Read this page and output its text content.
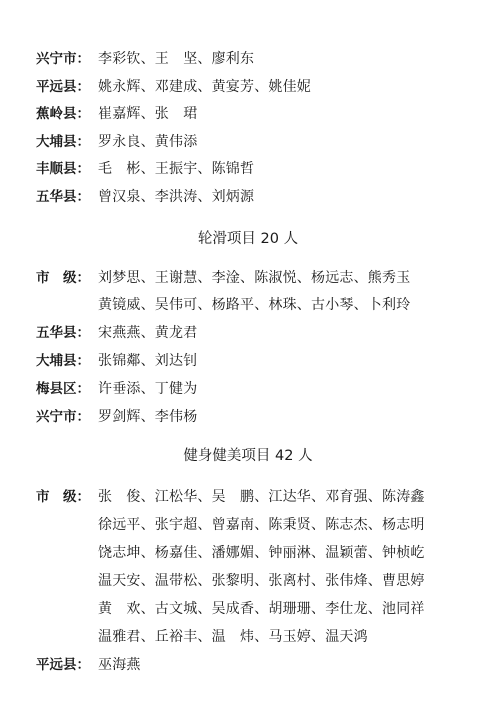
兴宁市： 李彩钦、王　坚、廖利东
平远县： 姚永辉、邓建成、黄宴芳、姚佳妮
蕉岭县： 崔嘉辉、张　珺
大埔县： 罗永良、黄伟添
丰顺县： 毛　彬、王振宇、陈锦哲
五华县： 曾汉泉、李洪涛、刘炳源
轮滑项目 20 人
市　级： 刘梦思、王谢慧、李淦、陈淑悦、杨远志、熊秀玉
黄镜威、吴伟可、杨路平、林珠、古小琴、卜利玲
五华县： 宋燕燕、黄龙君
大埔县： 张锦鄰、刘达钊
梅县区： 许垂添、丁健为
兴宁市： 罗剑辉、李伟杨
健身健美项目 42 人
市　级： 张　俊、江松华、吴　鹏、江达华、邓育强、陈涛鑫
徐远平、张宇超、曾嘉南、陈秉贤、陈志杰、杨志明
饶志坤、杨嘉佳、潘娜媚、钟丽淋、温颖蕾、钟桢屹
温天安、温带松、张黎明、张离村、张伟烽、曹思婷
黄　欢、古文城、吴成香、胡珊珊、李仕龙、池同祥
温雅君、丘裕丰、温　炜、马玉婷、温天鸿
平远县： 巫海燕
